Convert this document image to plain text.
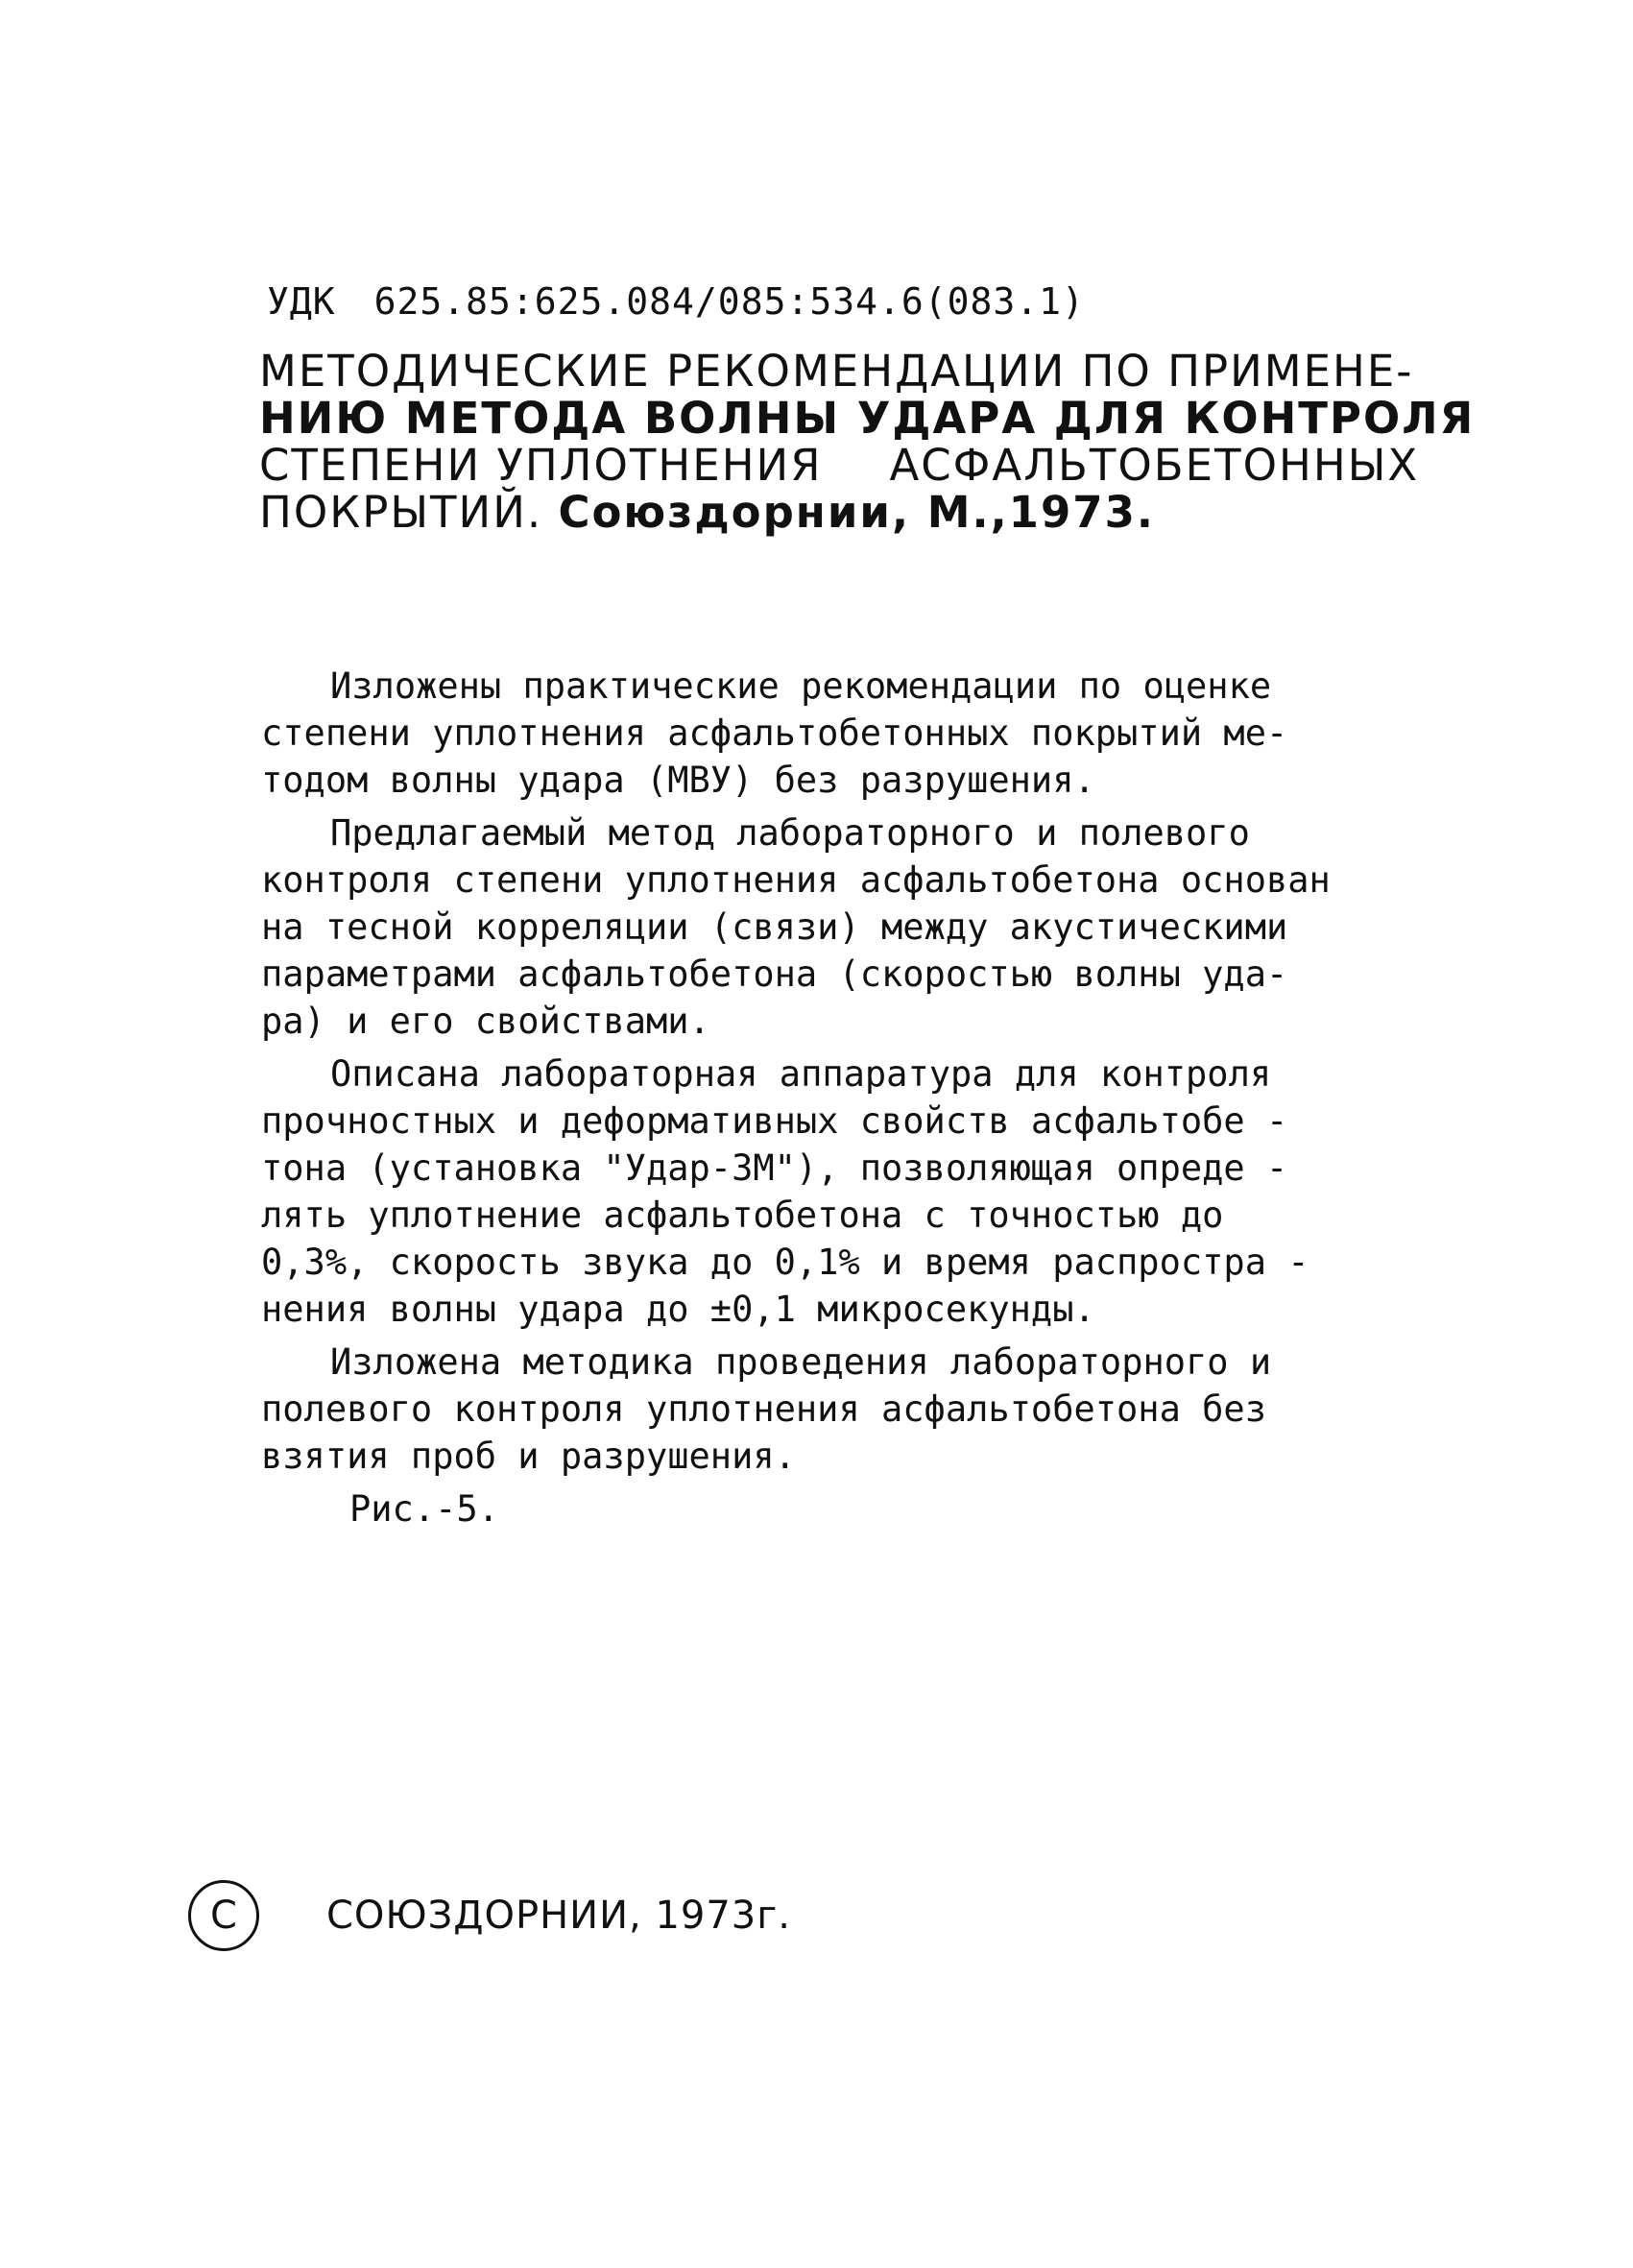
УДК 625.85:625.084/085:534.6(083.1)
МЕТОДИЧЕСКИЕ РЕКОМЕНДАЦИИ ПО ПРИМЕНЕ-
НИЮ МЕТОДА ВОЛНЫ УДАРА ДЛЯ КОНТРОЛЯ
СТЕПЕНИ УПЛОТНЕНИЯ АСФАЛЬТОБЕТОННЫХ
ПОКРЫТИЙ. Союздорнии, М.,1973.

Изложены практические рекомендации по оценке
степени уплотнения асфальтобетонных покрытий ме-
тодом волны удара (МВУ) без разрушения.

Предлагаемый метод лабораторного и полевого
контроля степени уплотнения асфальтобетона основан
на тесной корреляции (связи) между акустическими
параметрами асфальтобетона (скоростью волны уда-
ра) и его свойствами.

Описана лабораторная аппаратура для контроля
прочностных и деформативных свойств асфальтобе -
тона (установка "Удар-3М"), позволяющая опреде -
лять уплотнение асфальтобетона с точностью до
0,3%, скорость звука до 0,1% и время распростра -
нения волны удара до ±0,1 микросекунды.

Изложена методика проведения лабораторного и
полевого контроля уплотнения асфальтобетона без
взятия проб и разрушения.

Рис.-5.
С	СОЮЗДОРНИИ, 1973г.
